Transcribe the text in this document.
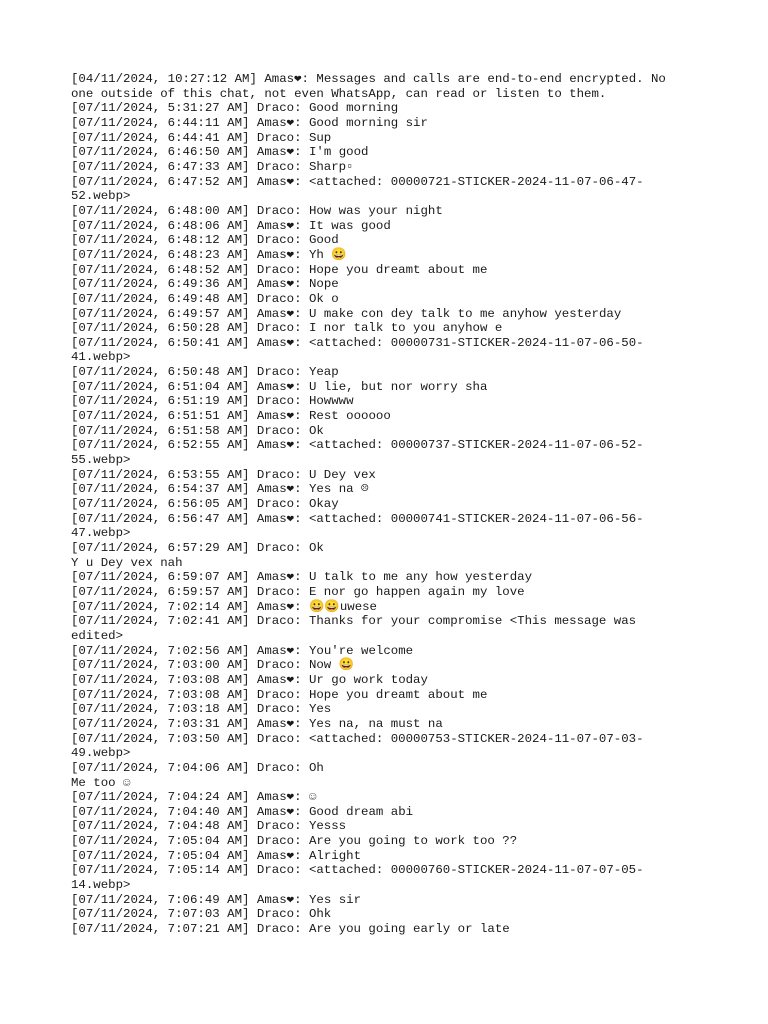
[04/11/2024, 10:27:12 AM] Amas❤: Messages and calls are end-to-end encrypted. No
one outside of this chat, not even WhatsApp, can read or listen to them.
[07/11/2024, 5:31:27 AM] Draco: Good morning
[07/11/2024, 6:44:11 AM] Amas❤: Good morning sir
[07/11/2024, 6:44:41 AM] Draco: Sup
[07/11/2024, 6:46:50 AM] Amas❤: I'm good
[07/11/2024, 6:47:33 AM] Draco: Sharp▫
[07/11/2024, 6:47:52 AM] Amas❤: <attached: 00000721-STICKER-2024-11-07-06-47-
52.webp>
[07/11/2024, 6:48:00 AM] Draco: How was your night
[07/11/2024, 6:48:06 AM] Amas❤: It was good
[07/11/2024, 6:48:12 AM] Draco: Good
[07/11/2024, 6:48:23 AM] Amas❤: Yh 😀
[07/11/2024, 6:48:52 AM] Draco: Hope you dreamt about me
[07/11/2024, 6:49:36 AM] Amas❤: Nope
[07/11/2024, 6:49:48 AM] Draco: Ok o
[07/11/2024, 6:49:57 AM] Amas❤: U make con dey talk to me anyhow yesterday
[07/11/2024, 6:50:28 AM] Draco: I nor talk to you anyhow e
[07/11/2024, 6:50:41 AM] Amas❤: <attached: 00000731-STICKER-2024-11-07-06-50-
41.webp>
[07/11/2024, 6:50:48 AM] Draco: Yeap
[07/11/2024, 6:51:04 AM] Amas❤: U lie, but nor worry sha
[07/11/2024, 6:51:19 AM] Draco: Howwww
[07/11/2024, 6:51:51 AM] Amas❤: Rest oooooo
[07/11/2024, 6:51:58 AM] Draco: Ok
[07/11/2024, 6:52:55 AM] Amas❤: <attached: 00000737-STICKER-2024-11-07-06-52-
55.webp>
[07/11/2024, 6:53:55 AM] Draco: U Dey vex
[07/11/2024, 6:54:37 AM] Amas❤: Yes na ☹
[07/11/2024, 6:56:05 AM] Draco: Okay
[07/11/2024, 6:56:47 AM] Amas❤: <attached: 00000741-STICKER-2024-11-07-06-56-
47.webp>
[07/11/2024, 6:57:29 AM] Draco: Ok
Y u Dey vex nah
[07/11/2024, 6:59:07 AM] Amas❤: U talk to me any how yesterday
[07/11/2024, 6:59:57 AM] Draco: E nor go happen again my love
[07/11/2024, 7:02:14 AM] Amas❤: 😀😀uwese
[07/11/2024, 7:02:41 AM] Draco: Thanks for your compromise <This message was
edited>
[07/11/2024, 7:02:56 AM] Amas❤: You're welcome
[07/11/2024, 7:03:00 AM] Draco: Now 😀
[07/11/2024, 7:03:08 AM] Amas❤: Ur go work today
[07/11/2024, 7:03:08 AM] Draco: Hope you dreamt about me
[07/11/2024, 7:03:18 AM] Draco: Yes
[07/11/2024, 7:03:31 AM] Amas❤: Yes na, na must na
[07/11/2024, 7:03:50 AM] Draco: <attached: 00000753-STICKER-2024-11-07-07-03-
49.webp>
[07/11/2024, 7:04:06 AM] Draco: Oh
Me too ☺
[07/11/2024, 7:04:24 AM] Amas❤: ☺
[07/11/2024, 7:04:40 AM] Amas❤: Good dream abi
[07/11/2024, 7:04:48 AM] Draco: Yesss
[07/11/2024, 7:05:04 AM] Draco: Are you going to work too ??
[07/11/2024, 7:05:04 AM] Amas❤: Alright
[07/11/2024, 7:05:14 AM] Draco: <attached: 00000760-STICKER-2024-11-07-07-05-
14.webp>
[07/11/2024, 7:06:49 AM] Amas❤: Yes sir
[07/11/2024, 7:07:03 AM] Draco: Ohk
[07/11/2024, 7:07:21 AM] Draco: Are you going early or late
